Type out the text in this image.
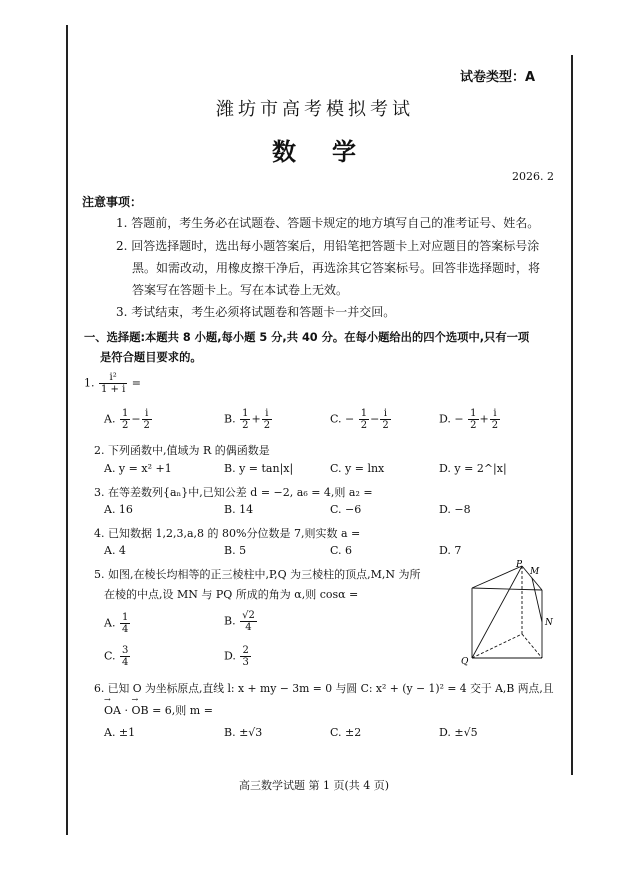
试卷类型：A
潍坊市高考模拟考试
数　学
2026. 2
注意事项：
1. 答题前，考生务必在试题卷、答题卡规定的地方填写自己的准考证号、姓名。
2. 回答选择题时，选出每小题答案后，用铅笔把答题卡上对应题目的答案标号涂
黑。如需改动，用橡皮擦干净后，再选涂其它答案标号。回答非选择题时，将
答案写在答题卡上。写在本试卷上无效。
3. 考试结束，考生必须将试题卷和答题卡一并交回。
一、选择题:本题共 8 小题,每小题 5 分,共 40 分。在每小题给出的四个选项中,只有一项
是符合题目要求的。
1. $\frac{\text{i²}}{1 + i}$ =
A. $\frac{1}{2} - \frac{i}{2}$	B. $\frac{1}{2} + \frac{i}{2}$	C. − $\frac{1}{2} - \frac{i}{2}$	D. − $\frac{1}{2} + \frac{i}{2}$
2. 下列函数中,值域为 R 的偶函数是
A. y = x² +1	B. y = tan|x|	C. y = lnx	D. y = 2^|x|
3. 在等差数列{aₙ}中,已知公差 d = −2, a₆ = 4,则 a₂ =
A. 16	B. 14	C. −6	D. −8
4. 已知数据 1,2,3,a,8 的 80%分位数是 7,则实数 a =
A. 4	B. 5	C. 6	D. 7
5. 如图,在棱长均相等的正三棱柱中,P,Q 为三棱柱的顶点,M,N 为所
在棱的中点,设 MN 与 PQ 所成的角为 α,则 cosα =
A. $\frac{1}{4}$	B. $\frac{√2}{4}$
C. $\frac{3}{4}$	D. $\frac{2}{3}$
P
M
N
Q
6. 已知 O 为坐标原点,直线 l: x + my − 3m = 0 与圆 C: x² + (y − 1)² = 4 交于 A,B 两点,且
→ OA · → OB = 6,则 m =
A. ±1	B. ±√3	C. ±2	D. ±√5
高三数学试题 第 1 页(共 4 页)
